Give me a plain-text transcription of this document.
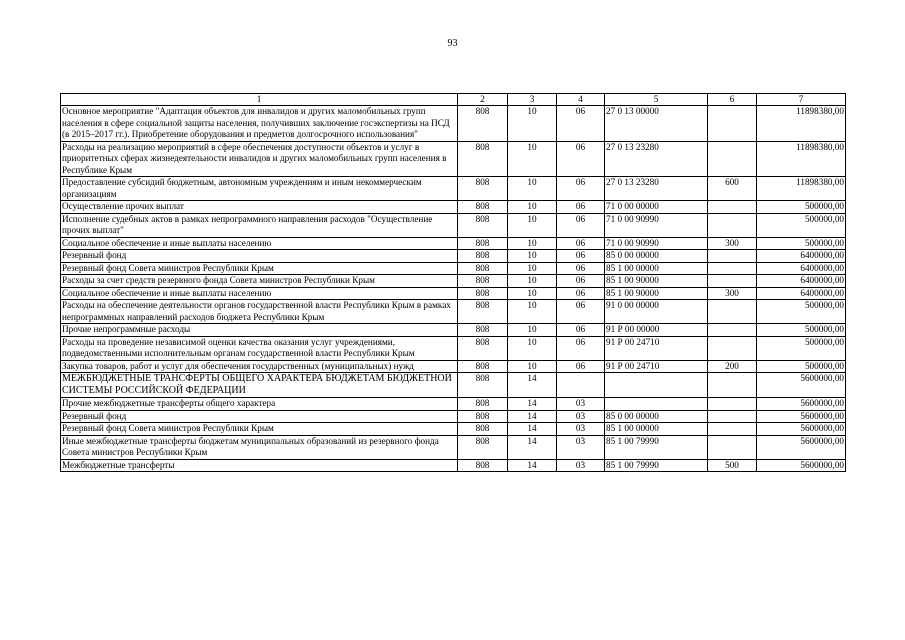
93
1	2	3	4	5	6	7
Основное мероприятие "Адаптация объектов для инвалидов и других маломобильных групп населения в сфере социальной защиты населения, получивших заключение госэкспертизы на ПСД (в 2015–2017 гг.). Приобретение оборудования и предметов долгосрочного использования"	808	10	06	27 0 13 00000		11898380,00
Расходы на реализацию мероприятий в сфере обеспечения доступности объектов и услуг в приоритетных сферах жизнедеятельности инвалидов и других маломобильных групп населения в Республике Крым	808	10	06	27 0 13 23280		11898380,00
Предоставление субсидий бюджетным, автономным учреждениям и иным некоммерческим организациям	808	10	06	27 0 13 23280	600	11898380,00
Осуществление прочих выплат	808	10	06	71 0 00 00000		500000,00
Исполнение судебных актов в рамках непрограммного направления расходов "Осуществление прочих выплат"	808	10	06	71 0 00 90990		500000,00
Социальное обеспечение и иные выплаты населению	808	10	06	71 0 00 90990	300	500000,00
Резервный фонд	808	10	06	85 0 00 00000		6400000,00
Резервный фонд Совета министров Республики Крым	808	10	06	85 1 00 00000		6400000,00
Расходы за счет средств резервного фонда Совета министров Республики Крым	808	10	06	85 1 00 90000		6400000,00
Социальное обеспечение и иные выплаты населению	808	10	06	85 1 00 90000	300	6400000,00
Расходы на обеспечение деятельности органов государственной власти Республики Крым в рамках непрограммных направлений расходов бюджета Республики Крым	808	10	06	91 0 00 00000		500000,00
Прочие непрограммные расходы	808	10	06	91 Р 00 00000		500000,00
Расходы на проведение независимой оценки качества оказания услуг учреждениями, подведомственными исполнительным органам государственной власти Республики Крым	808	10	06	91 Р 00 24710		500000,00
Закупка товаров, работ и услуг для обеспечения государственных (муниципальных) нужд	808	10	06	91 Р 00 24710	200	500000,00
МЕЖБЮДЖЕТНЫЕ ТРАНСФЕРТЫ ОБЩЕГО ХАРАКТЕРА БЮДЖЕТАМ БЮДЖЕТНОЙ СИСТЕМЫ РОССИЙСКОЙ ФЕДЕРАЦИИ	808	14				5600000,00
Прочие межбюджетные трансферты общего характера	808	14	03			5600000,00
Резервный фонд	808	14	03	85 0 00 00000		5600000,00
Резервный фонд Совета министров Республики Крым	808	14	03	85 1 00 00000		5600000,00
Иные межбюджетные трансферты бюджетам муниципальных образований из резервного фонда Совета министров Республики Крым	808	14	03	85 1 00 79990		5600000,00
Межбюджетные трансферты	808	14	03	85 1 00 79990	500	5600000,00
